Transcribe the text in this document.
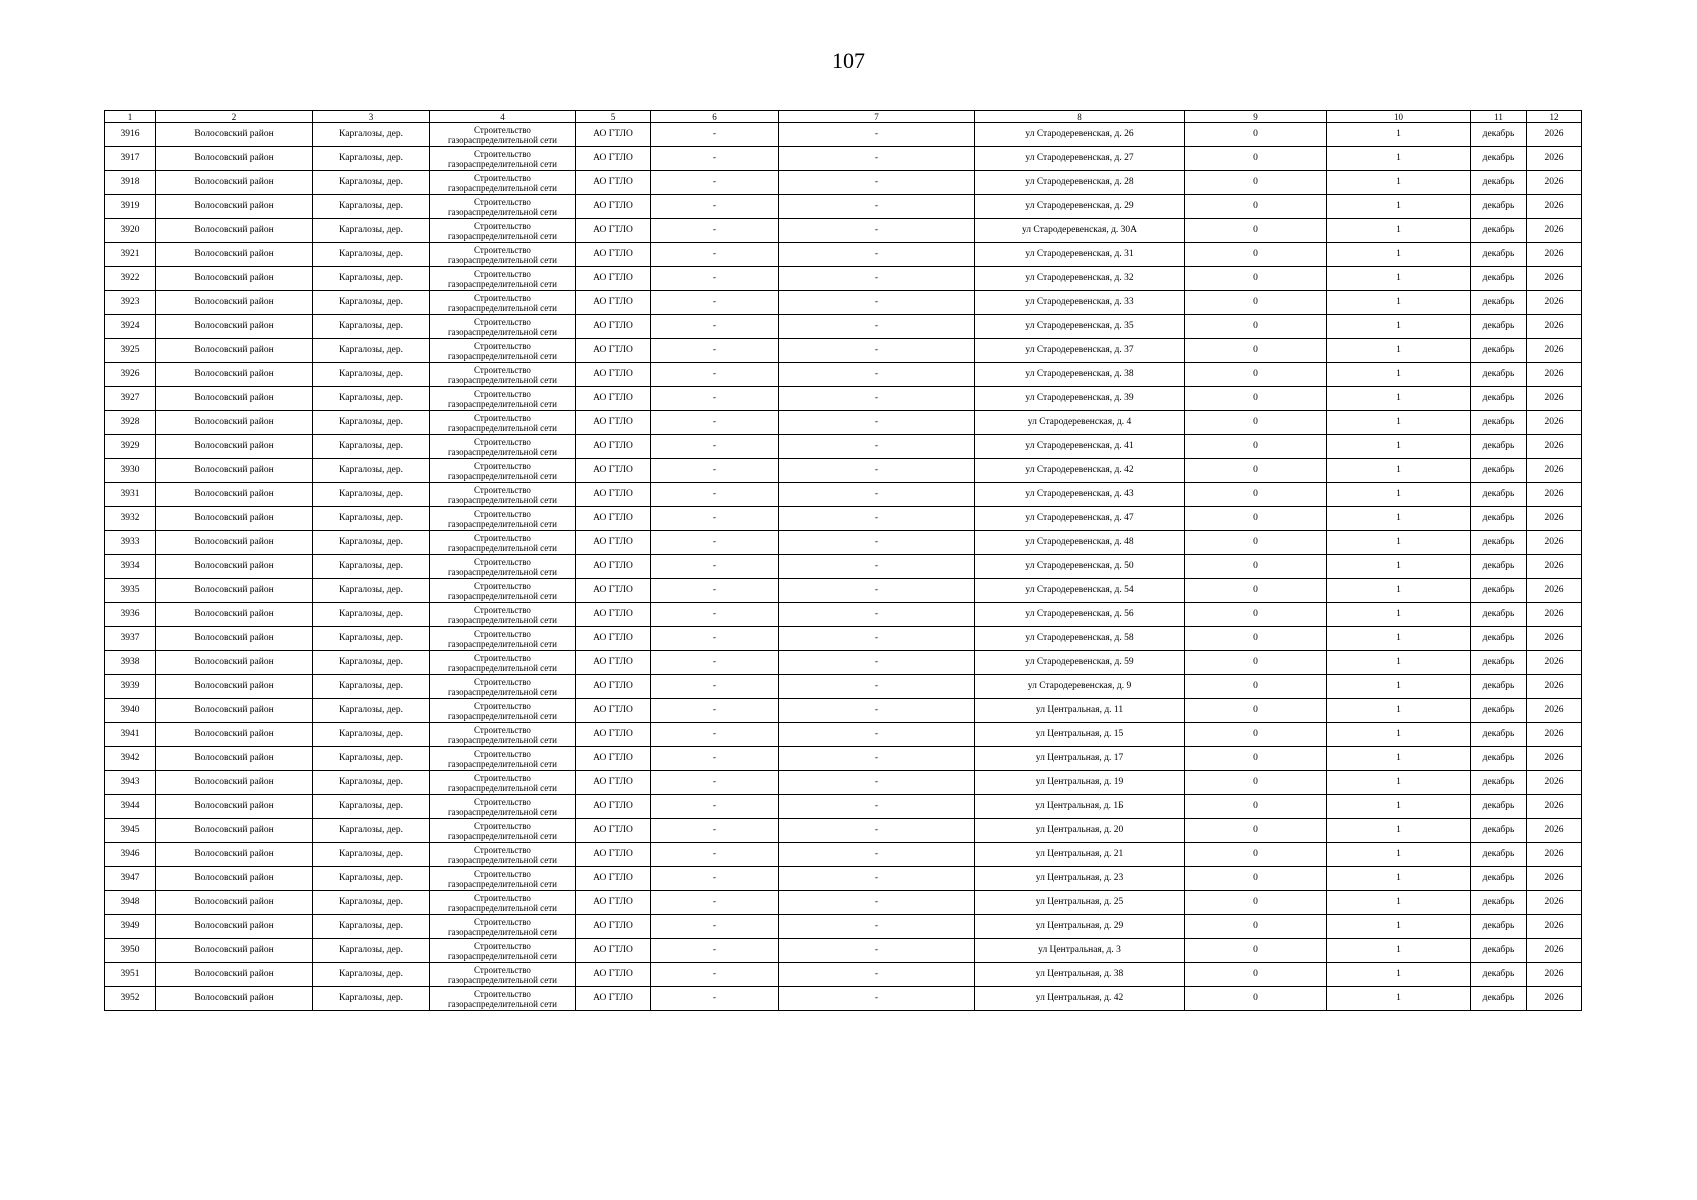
107
1	2	3	4	5	6	7	8	9	10	11	12
3916	Волосовский район	Каргалозы, дер.	Строительство газораспределительной сети	АО ГТЛО	-	-	ул Стародеревенская, д. 26	0	1	декабрь	2026
3917	Волосовский район	Каргалозы, дер.	Строительство газораспределительной сети	АО ГТЛО	-	-	ул Стародеревенская, д. 27	0	1	декабрь	2026
3918	Волосовский район	Каргалозы, дер.	Строительство газораспределительной сети	АО ГТЛО	-	-	ул Стародеревенская, д. 28	0	1	декабрь	2026
3919	Волосовский район	Каргалозы, дер.	Строительство газораспределительной сети	АО ГТЛО	-	-	ул Стародеревенская, д. 29	0	1	декабрь	2026
3920	Волосовский район	Каргалозы, дер.	Строительство газораспределительной сети	АО ГТЛО	-	-	ул Стародеревенская, д. 30А	0	1	декабрь	2026
3921	Волосовский район	Каргалозы, дер.	Строительство газораспределительной сети	АО ГТЛО	-	-	ул Стародеревенская, д. 31	0	1	декабрь	2026
3922	Волосовский район	Каргалозы, дер.	Строительство газораспределительной сети	АО ГТЛО	-	-	ул Стародеревенская, д. 32	0	1	декабрь	2026
3923	Волосовский район	Каргалозы, дер.	Строительство газораспределительной сети	АО ГТЛО	-	-	ул Стародеревенская, д. 33	0	1	декабрь	2026
3924	Волосовский район	Каргалозы, дер.	Строительство газораспределительной сети	АО ГТЛО	-	-	ул Стародеревенская, д. 35	0	1	декабрь	2026
3925	Волосовский район	Каргалозы, дер.	Строительство газораспределительной сети	АО ГТЛО	-	-	ул Стародеревенская, д. 37	0	1	декабрь	2026
3926	Волосовский район	Каргалозы, дер.	Строительство газораспределительной сети	АО ГТЛО	-	-	ул Стародеревенская, д. 38	0	1	декабрь	2026
3927	Волосовский район	Каргалозы, дер.	Строительство газораспределительной сети	АО ГТЛО	-	-	ул Стародеревенская, д. 39	0	1	декабрь	2026
3928	Волосовский район	Каргалозы, дер.	Строительство газораспределительной сети	АО ГТЛО	-	-	ул Стародеревенская, д. 4	0	1	декабрь	2026
3929	Волосовский район	Каргалозы, дер.	Строительство газораспределительной сети	АО ГТЛО	-	-	ул Стародеревенская, д. 41	0	1	декабрь	2026
3930	Волосовский район	Каргалозы, дер.	Строительство газораспределительной сети	АО ГТЛО	-	-	ул Стародеревенская, д. 42	0	1	декабрь	2026
3931	Волосовский район	Каргалозы, дер.	Строительство газораспределительной сети	АО ГТЛО	-	-	ул Стародеревенская, д. 43	0	1	декабрь	2026
3932	Волосовский район	Каргалозы, дер.	Строительство газораспределительной сети	АО ГТЛО	-	-	ул Стародеревенская, д. 47	0	1	декабрь	2026
3933	Волосовский район	Каргалозы, дер.	Строительство газораспределительной сети	АО ГТЛО	-	-	ул Стародеревенская, д. 48	0	1	декабрь	2026
3934	Волосовский район	Каргалозы, дер.	Строительство газораспределительной сети	АО ГТЛО	-	-	ул Стародеревенская, д. 50	0	1	декабрь	2026
3935	Волосовский район	Каргалозы, дер.	Строительство газораспределительной сети	АО ГТЛО	-	-	ул Стародеревенская, д. 54	0	1	декабрь	2026
3936	Волосовский район	Каргалозы, дер.	Строительство газораспределительной сети	АО ГТЛО	-	-	ул Стародеревенская, д. 56	0	1	декабрь	2026
3937	Волосовский район	Каргалозы, дер.	Строительство газораспределительной сети	АО ГТЛО	-	-	ул Стародеревенская, д. 58	0	1	декабрь	2026
3938	Волосовский район	Каргалозы, дер.	Строительство газораспределительной сети	АО ГТЛО	-	-	ул Стародеревенская, д. 59	0	1	декабрь	2026
3939	Волосовский район	Каргалозы, дер.	Строительство газораспределительной сети	АО ГТЛО	-	-	ул Стародеревенская, д. 9	0	1	декабрь	2026
3940	Волосовский район	Каргалозы, дер.	Строительство газораспределительной сети	АО ГТЛО	-	-	ул Центральная, д. 11	0	1	декабрь	2026
3941	Волосовский район	Каргалозы, дер.	Строительство газораспределительной сети	АО ГТЛО	-	-	ул Центральная, д. 15	0	1	декабрь	2026
3942	Волосовский район	Каргалозы, дер.	Строительство газораспределительной сети	АО ГТЛО	-	-	ул Центральная, д. 17	0	1	декабрь	2026
3943	Волосовский район	Каргалозы, дер.	Строительство газораспределительной сети	АО ГТЛО	-	-	ул Центральная, д. 19	0	1	декабрь	2026
3944	Волосовский район	Каргалозы, дер.	Строительство газораспределительной сети	АО ГТЛО	-	-	ул Центральная, д. 1Б	0	1	декабрь	2026
3945	Волосовский район	Каргалозы, дер.	Строительство газораспределительной сети	АО ГТЛО	-	-	ул Центральная, д. 20	0	1	декабрь	2026
3946	Волосовский район	Каргалозы, дер.	Строительство газораспределительной сети	АО ГТЛО	-	-	ул Центральная, д. 21	0	1	декабрь	2026
3947	Волосовский район	Каргалозы, дер.	Строительство газораспределительной сети	АО ГТЛО	-	-	ул Центральная, д. 23	0	1	декабрь	2026
3948	Волосовский район	Каргалозы, дер.	Строительство газораспределительной сети	АО ГТЛО	-	-	ул Центральная, д. 25	0	1	декабрь	2026
3949	Волосовский район	Каргалозы, дер.	Строительство газораспределительной сети	АО ГТЛО	-	-	ул Центральная, д. 29	0	1	декабрь	2026
3950	Волосовский район	Каргалозы, дер.	Строительство газораспределительной сети	АО ГТЛО	-	-	ул Центральная, д. 3	0	1	декабрь	2026
3951	Волосовский район	Каргалозы, дер.	Строительство газораспределительной сети	АО ГТЛО	-	-	ул Центральная, д. 38	0	1	декабрь	2026
3952	Волосовский район	Каргалозы, дер.	Строительство газораспределительной сети	АО ГТЛО	-	-	ул Центральная, д. 42	0	1	декабрь	2026
